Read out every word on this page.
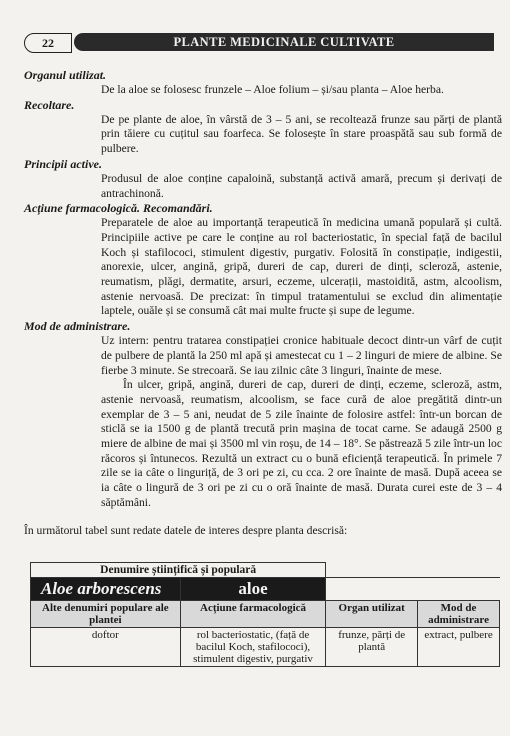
22	PLANTE MEDICINALE CULTIVATE

Organul utilizat.

De la aloe se folosesc frunzele – Aloe folium – și/sau planta – Aloe herba.

Recoltare.

De pe plante de aloe, în vârstă de 3 – 5 ani, se recoltează frunze sau părți de plantă prin tăiere cu cuțitul sau foarfeca. Se folosește în stare proaspătă sau sub formă de pulbere.

Principii active.

Produsul de aloe conține capaloină, substanță activă amară, precum și derivați de antrachinonă.

Acțiune farmacologică. Recomandări.

Preparatele de aloe au importanță terapeutică în medicina umană populară și cultă. Principiile active pe care le conține au rol bacteriostatic, în special față de bacilul Koch și stafilococi, stimulent digestiv, purgativ. Folosită în constipație, indigestii, anorexie, ulcer, angină, gripă, dureri de cap, dureri de dinți, scleroză, astenie, reumatism, plăgi, dermatite, arsuri, eczeme, ulcerații, mastoidită, astm, alcoolism, astenie nervoasă. De precizat: în timpul tratamentului se exclud din alimentație laptele, ouăle și se consumă cât mai multe fructe și supe de legume.

Mod de administrare.

Uz intern: pentru tratarea constipației cronice habituale decoct dintr-un vârf de cuțit de pulbere de plantă la 250 ml apă și amestecat cu 1 – 2 linguri de miere de albine. Se fierbe 3 minute. Se strecoară. Se iau zilnic câte 3 linguri, înainte de mese.

În ulcer, gripă, angină, dureri de cap, dureri de dinți, eczeme, scleroză, astm, astenie nervoasă, reumatism, alcoolism, se face cură de aloe pregătită dintr-un exemplar de 3 – 5 ani, neudat de 5 zile înainte de folosire astfel: într-un borcan de sticlă se ia 1500 g de plantă trecută prin mașina de tocat carne. Se adaugă 2500 g miere de albine de mai și 3500 ml vin roșu, de 14 – 18°. Se păstrează 5 zile într-un loc răcoros și întunecos. Rezultă un extract cu o bună eficiență terapeutică. În primele 7 zile se ia câte o linguriță, de 3 ori pe zi, cu cca. 2 ore înainte de masă. După aceea se ia câte o lingură de 3 ori pe zi cu o oră înainte de masă. Durata curei este de 3 – 4 săptămâni.

În următorul tabel sunt redate datele de interes despre planta descrisă:

Denumire științifică și populară			
Aloe arborescens	aloe		
Alte denumiri populare ale plantei	Acțiune farmacologică	Organ utilizat	Mod de administrare
doftor	rol bacteriostatic, (față de bacilul Koch, stafilococi), stimulent digestiv, purgativ	frunze, părți de plantă	extract, pulbere
